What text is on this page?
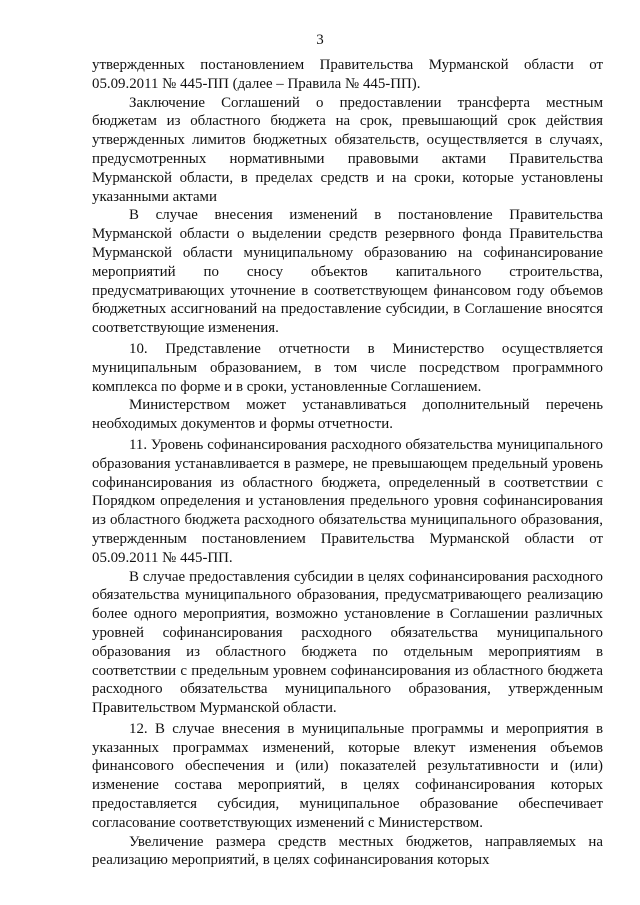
3

утвержденных постановлением Правительства Мурманской области от 05.09.2011 № 445-ПП (далее – Правила № 445-ПП).

Заключение Соглашений о предоставлении трансферта местным бюджетам из областного бюджета на срок, превышающий срок действия утвержденных лимитов бюджетных обязательств, осуществляется в случаях, предусмотренных нормативными правовыми актами Правительства Мурманской области, в пределах средств и на сроки, которые установлены указанными актами

В случае внесения изменений в постановление Правительства Мурманской области о выделении средств резервного фонда Правительства Мурманской области муниципальному образованию на софинансирование мероприятий по сносу объектов капитального строительства, предусматривающих уточнение в соответствующем финансовом году объемов бюджетных ассигнований на предоставление субсидии, в Соглашение вносятся соответствующие изменения.

10. Представление отчетности в Министерство осуществляется муниципальным образованием, в том числе посредством программного комплекса по форме и в сроки, установленные Соглашением.

Министерством может устанавливаться дополнительный перечень необходимых документов и формы отчетности.

11. Уровень софинансирования расходного обязательства муниципального образования устанавливается в размере, не превышающем предельный уровень софинансирования из областного бюджета, определенный в соответствии с Порядком определения и установления предельного уровня софинансирования из областного бюджета расходного обязательства муниципального образования, утвержденным постановлением Правительства Мурманской области от 05.09.2011 № 445-ПП.

В случае предоставления субсидии в целях софинансирования расходного обязательства муниципального образования, предусматривающего реализацию более одного мероприятия, возможно установление в Соглашении различных уровней софинансирования расходного обязательства муниципального образования из областного бюджета по отдельным мероприятиям в соответствии с предельным уровнем софинансирования из областного бюджета расходного обязательства муниципального образования, утвержденным Правительством Мурманской области.

12. В случае внесения в муниципальные программы и мероприятия в указанных программах изменений, которые влекут изменения объемов финансового обеспечения и (или) показателей результативности и (или) изменение состава мероприятий, в целях софинансирования которых предоставляется субсидия, муниципальное образование обеспечивает согласование соответствующих изменений с Министерством.

Увеличение размера средств местных бюджетов, направляемых на реализацию мероприятий, в целях софинансирования которых
